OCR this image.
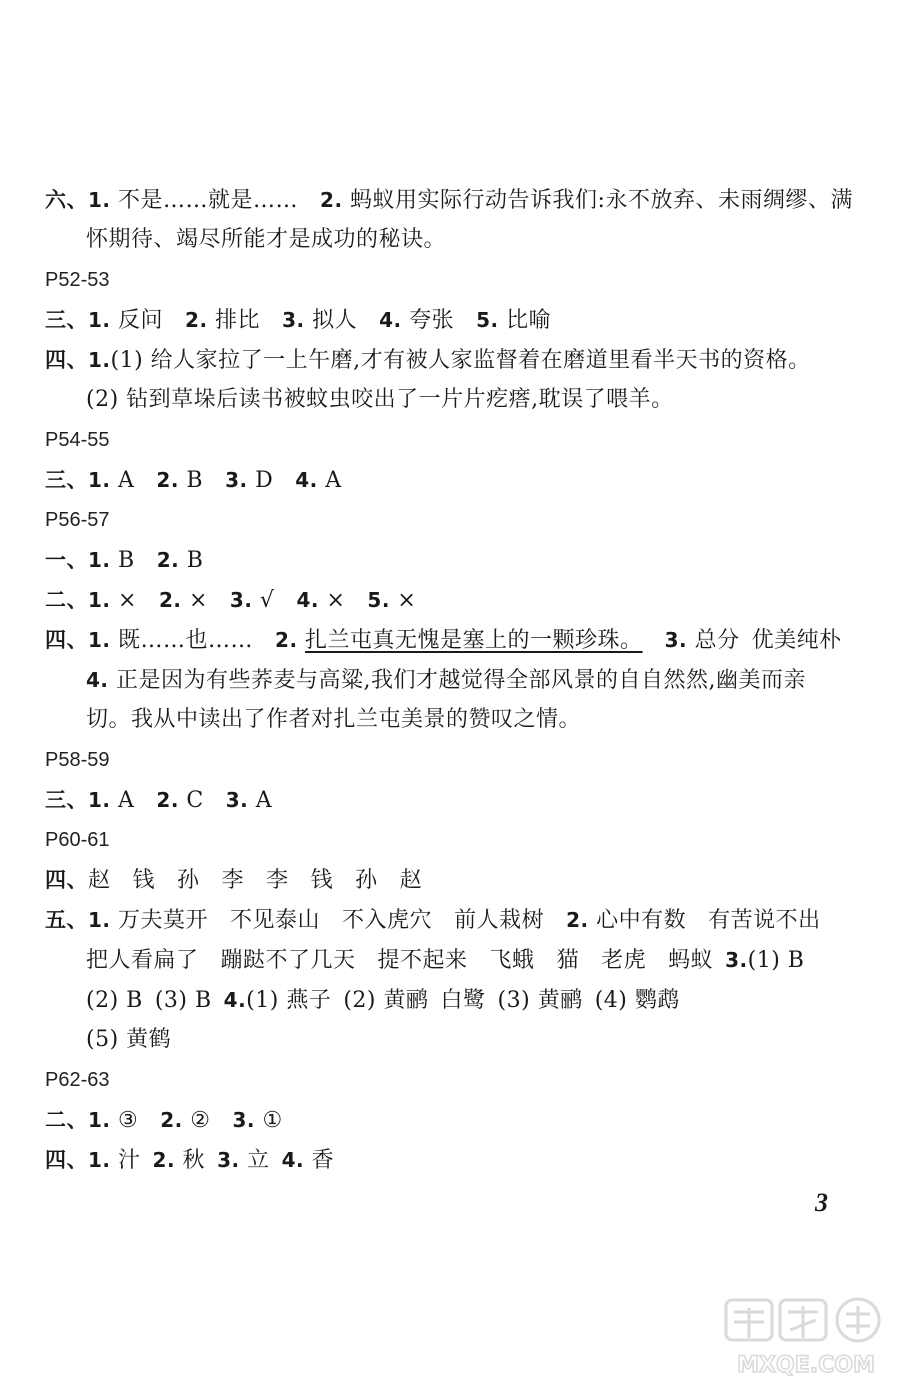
六、1. 不是……就是…… 2. 蚂蚁用实际行动告诉我们:永不放弃、未雨绸缪、满
怀期待、竭尽所能才是成功的秘诀。
P52-53
三、1. 反问 2. 排比 3. 拟人 4. 夸张 5. 比喻
四、1.(1) 给人家拉了一上午磨,才有被人家监督着在磨道里看半天书的资格。
(2) 钻到草垛后读书被蚊虫咬出了一片片疙瘩,耽误了喂羊。
P54-55
三、1. A 2. B 3. D 4. A
P56-57
一、1. B 2. B
二、1. × 2. × 3. √ 4. × 5. ×
四、1. 既……也…… 2. 扎兰屯真无愧是塞上的一颗珍珠。 3. 总分 优美纯朴
4. 正是因为有些荞麦与高粱,我们才越觉得全部风景的自自然然,幽美而亲
切。我从中读出了作者对扎兰屯美景的赞叹之情。
P58-59
三、1. A 2. C 3. A
P60-61
四、赵 钱 孙 李 李 钱 孙 赵
五、1. 万夫莫开 不见泰山 不入虎穴 前人栽树 2. 心中有数 有苦说不出
把人看扁了 蹦跶不了几天 提不起来 飞蛾 猫 老虎 蚂蚁 3.(1) B
(2) B (3) B 4.(1) 燕子 (2) 黄鹂 白鹭 (3) 黄鹂 (4) 鹦鹉
(5) 黄鹤
P62-63
二、1. ③ 2. ② 3. ①
四、1. 汁 2. 秋 3. 立 4. 香
3
MXQE.COM
